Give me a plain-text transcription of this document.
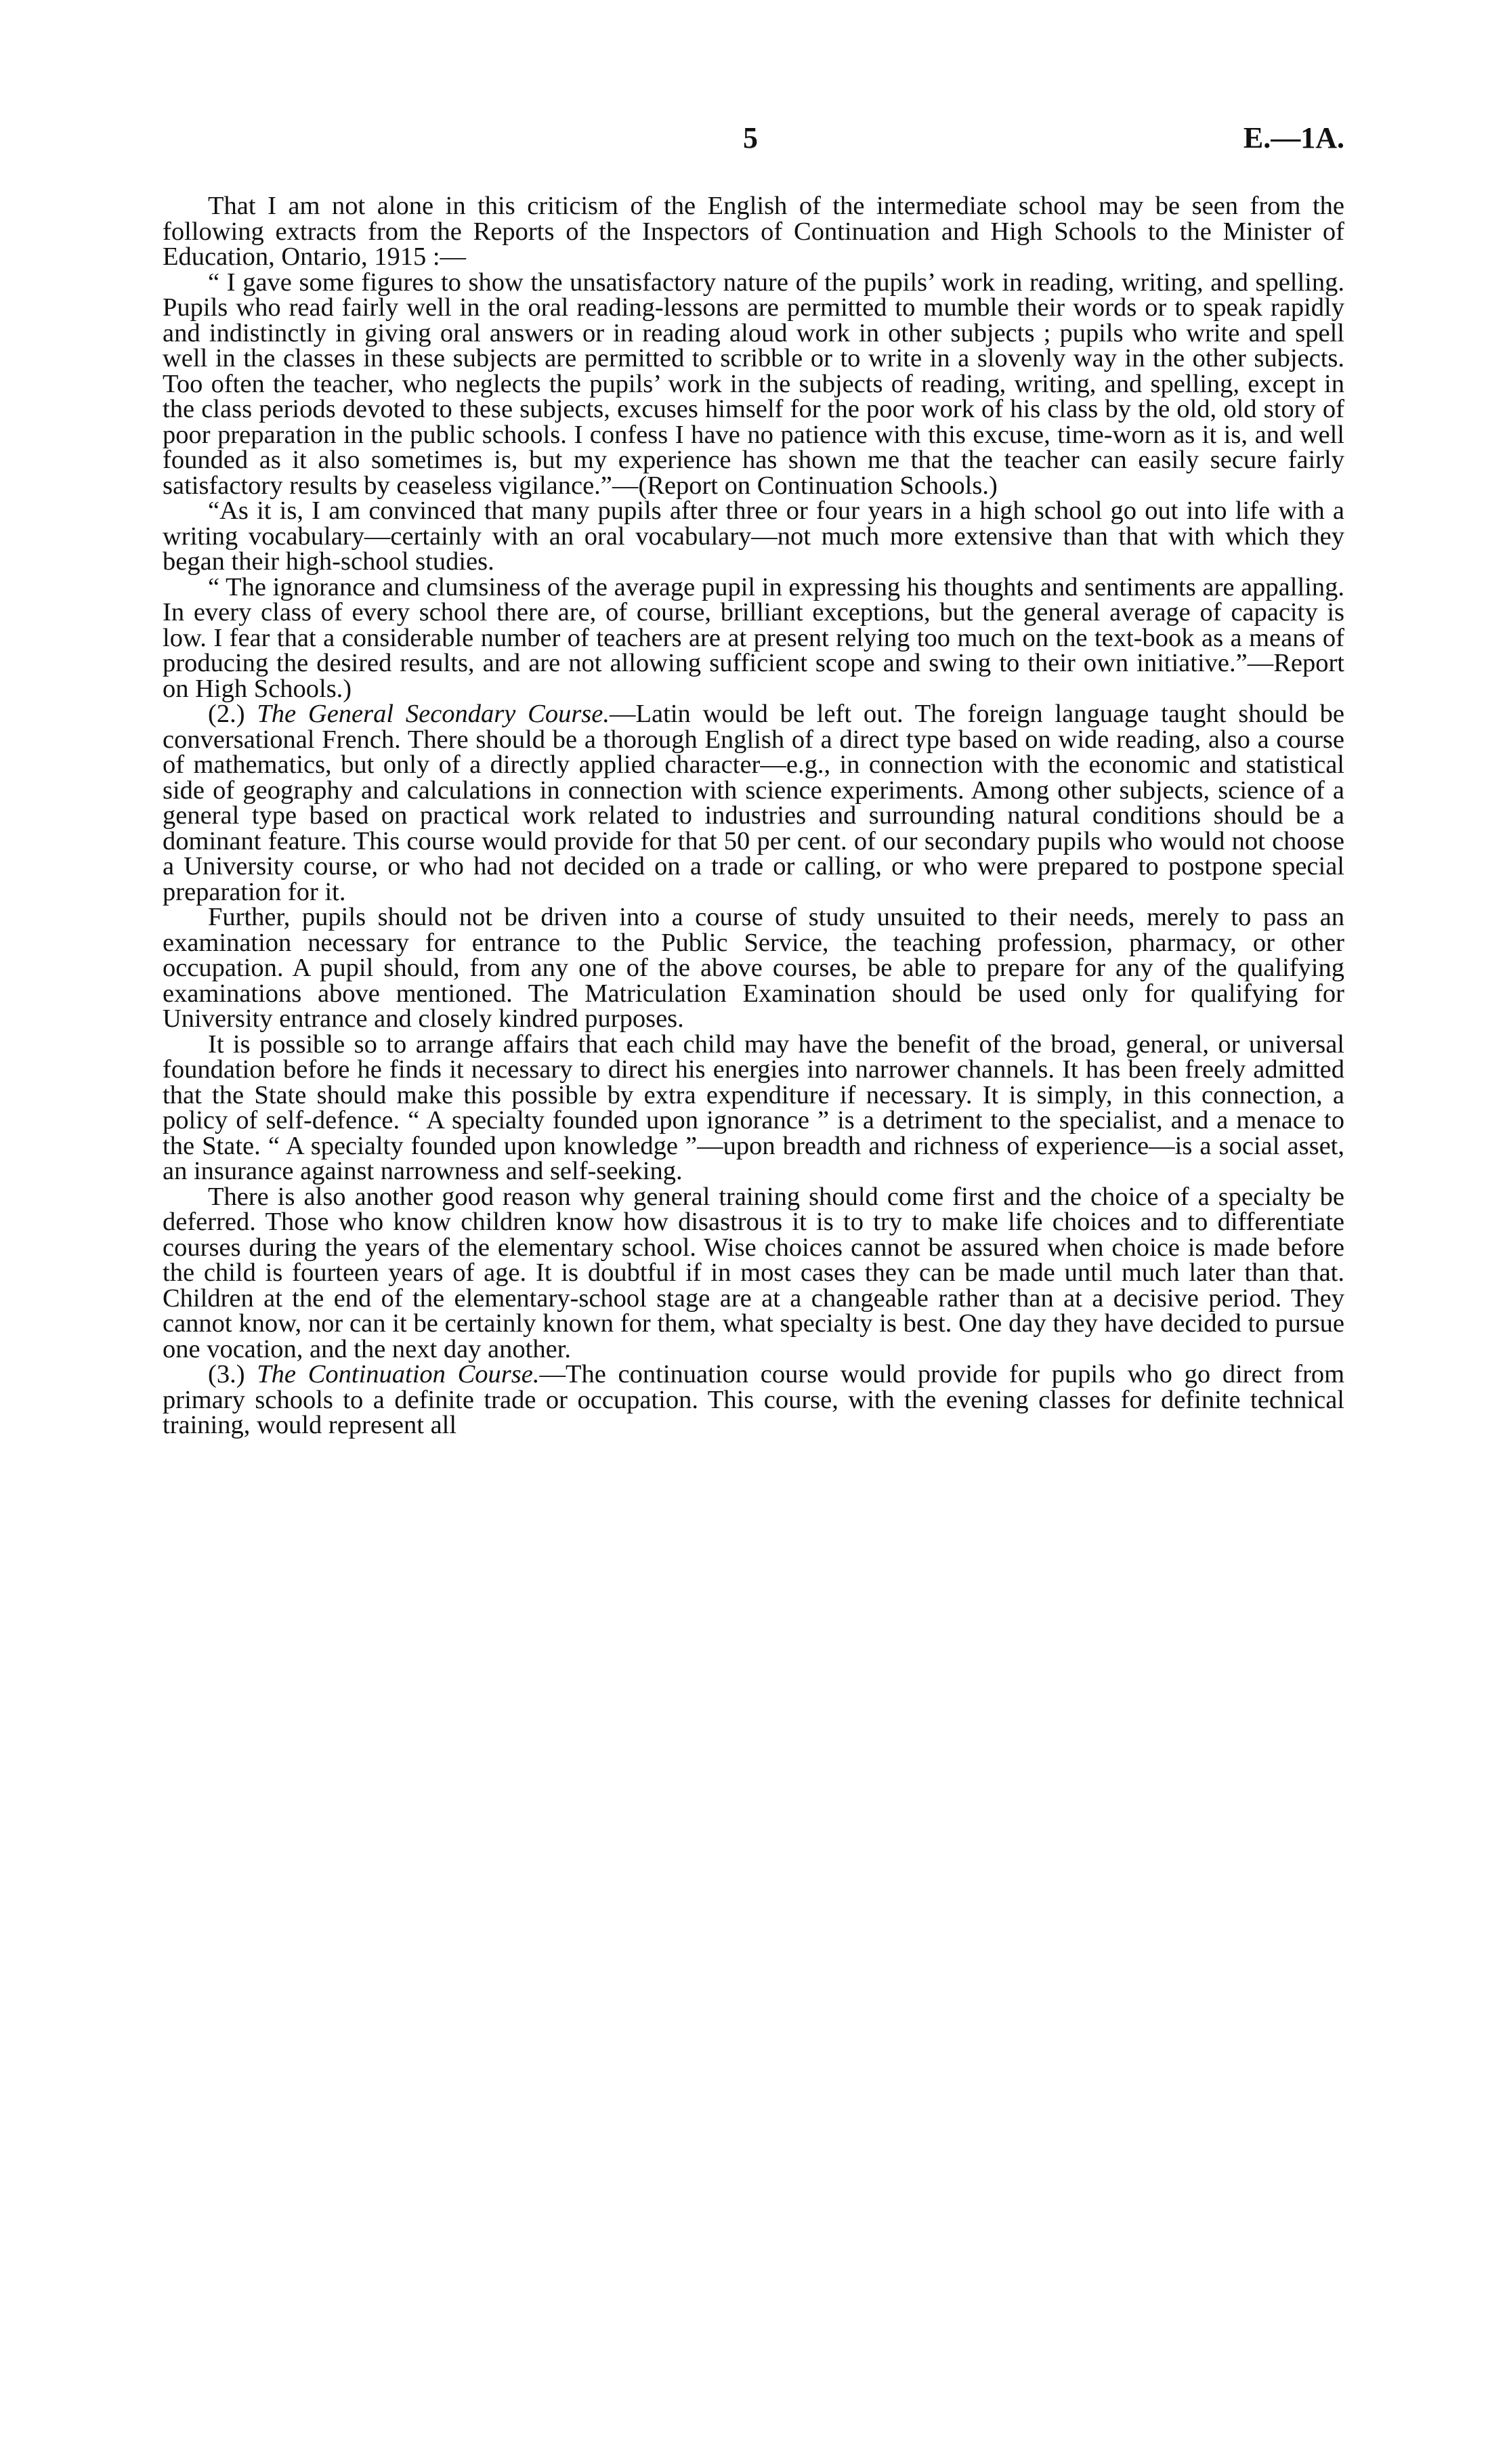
5	E.—1A.

That I am not alone in this criticism of the English of the intermediate school may be seen from the following extracts from the Reports of the Inspectors of Continuation and High Schools to the Minister of Education, Ontario, 1915 :—

“ I gave some figures to show the unsatisfactory nature of the pupils’ work in reading, writing, and spelling. Pupils who read fairly well in the oral reading-lessons are permitted to mumble their words or to speak rapidly and indistinctly in giving oral answers or in reading aloud work in other subjects ; pupils who write and spell well in the classes in these subjects are permitted to scribble or to write in a slovenly way in the other subjects. Too often the teacher, who neglects the pupils’ work in the subjects of reading, writing, and spelling, except in the class periods devoted to these subjects, excuses himself for the poor work of his class by the old, old story of poor preparation in the public schools. I confess I have no patience with this excuse, time-worn as it is, and well founded as it also sometimes is, but my experience has shown me that the teacher can easily secure fairly satisfactory results by ceaseless vigilance.”—(Report on Continuation Schools.)

“As it is, I am convinced that many pupils after three or four years in a high school go out into life with a writing vocabulary—certainly with an oral vocabulary—not much more extensive than that with which they began their high-school studies.

“ The ignorance and clumsiness of the average pupil in expressing his thoughts and sentiments are appalling. In every class of every school there are, of course, brilliant exceptions, but the general average of capacity is low. I fear that a considerable number of teachers are at present relying too much on the text-book as a means of producing the desired results, and are not allowing sufficient scope and swing to their own initiative.”—Report on High Schools.)

(2.) The General Secondary Course.—Latin would be left out. The foreign language taught should be conversational French. There should be a thorough English of a direct type based on wide reading, also a course of mathematics, but only of a directly applied character—e.g., in connection with the economic and statistical side of geography and calculations in connection with science experiments. Among other subjects, science of a general type based on practical work related to industries and surrounding natural conditions should be a dominant feature. This course would provide for that 50 per cent. of our secondary pupils who would not choose a University course, or who had not decided on a trade or calling, or who were prepared to postpone special preparation for it.

Further, pupils should not be driven into a course of study unsuited to their needs, merely to pass an examination necessary for entrance to the Public Service, the teaching profession, pharmacy, or other occupation. A pupil should, from any one of the above courses, be able to prepare for any of the qualifying examinations above mentioned. The Matriculation Examination should be used only for qualifying for University entrance and closely kindred purposes.

It is possible so to arrange affairs that each child may have the benefit of the broad, general, or universal foundation before he finds it necessary to direct his energies into narrower channels. It has been freely admitted that the State should make this possible by extra expenditure if necessary. It is simply, in this connection, a policy of self-defence. “ A specialty founded upon ignorance ” is a detriment to the specialist, and a menace to the State. “ A specialty founded upon knowledge ”—upon breadth and richness of experience—is a social asset, an insurance against narrowness and self-seeking.

There is also another good reason why general training should come first and the choice of a specialty be deferred. Those who know children know how disastrous it is to try to make life choices and to differentiate courses during the years of the elementary school. Wise choices cannot be assured when choice is made before the child is fourteen years of age. It is doubtful if in most cases they can be made until much later than that. Children at the end of the elementary-school stage are at a changeable rather than at a decisive period. They cannot know, nor can it be certainly known for them, what specialty is best. One day they have decided to pursue one vocation, and the next day another.

(3.) The Continuation Course.—The continuation course would provide for pupils who go direct from primary schools to a definite trade or occupation. This course, with the evening classes for definite technical training, would represent all
